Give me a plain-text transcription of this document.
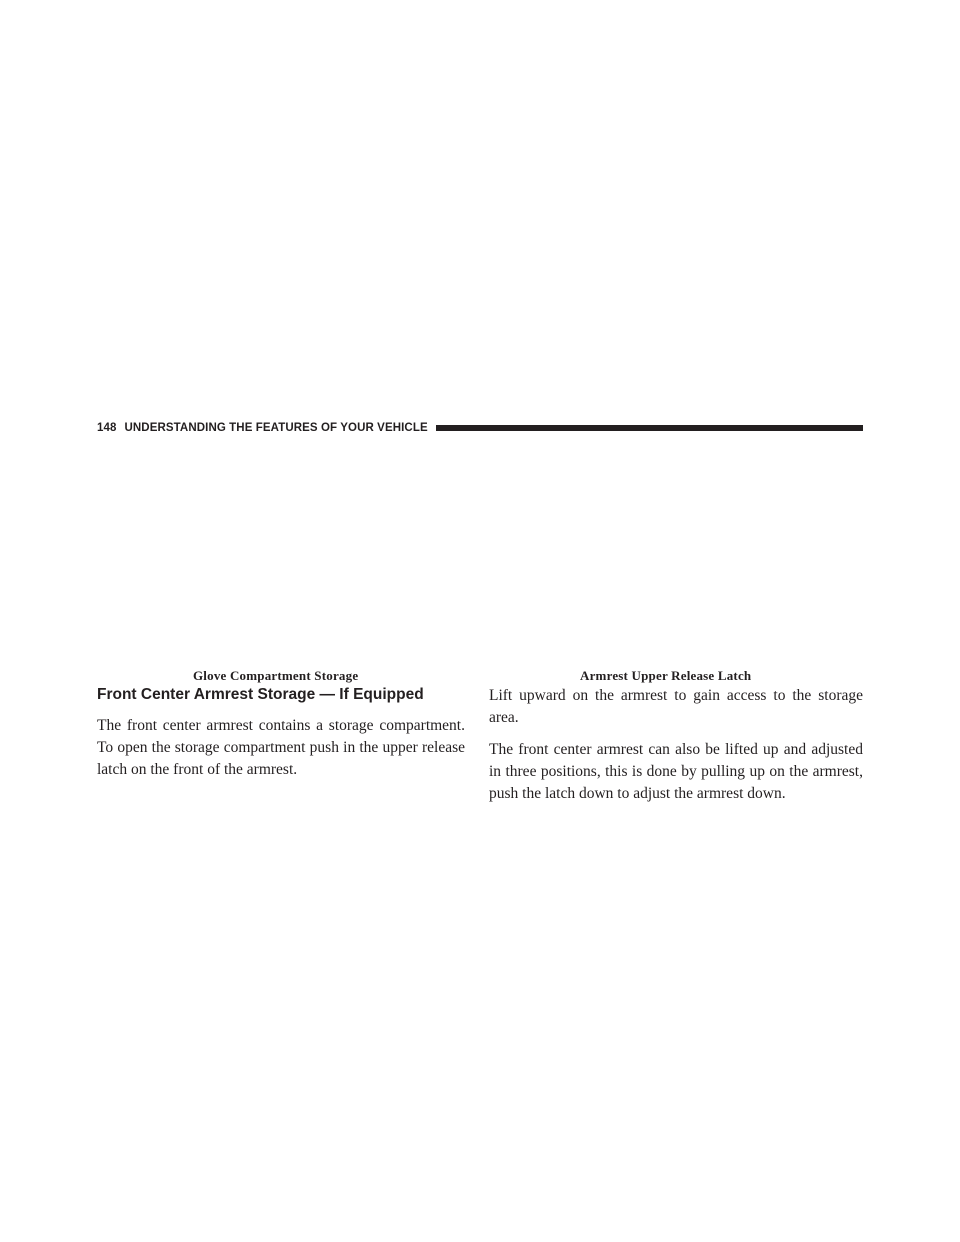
148 UNDERSTANDING THE FEATURES OF YOUR VEHICLE
Glove Compartment Storage	Armrest Upper Release Latch
Front Center Armrest Storage — If Equipped

The front center armrest contains a storage compartment. To open the storage compartment push in the upper release latch on the front of the armrest.

Lift upward on the armrest to gain access to the storage area.

The front center armrest can also be lifted up and adjusted in three positions, this is done by pulling up on the armrest, push the latch down to adjust the armrest down.
